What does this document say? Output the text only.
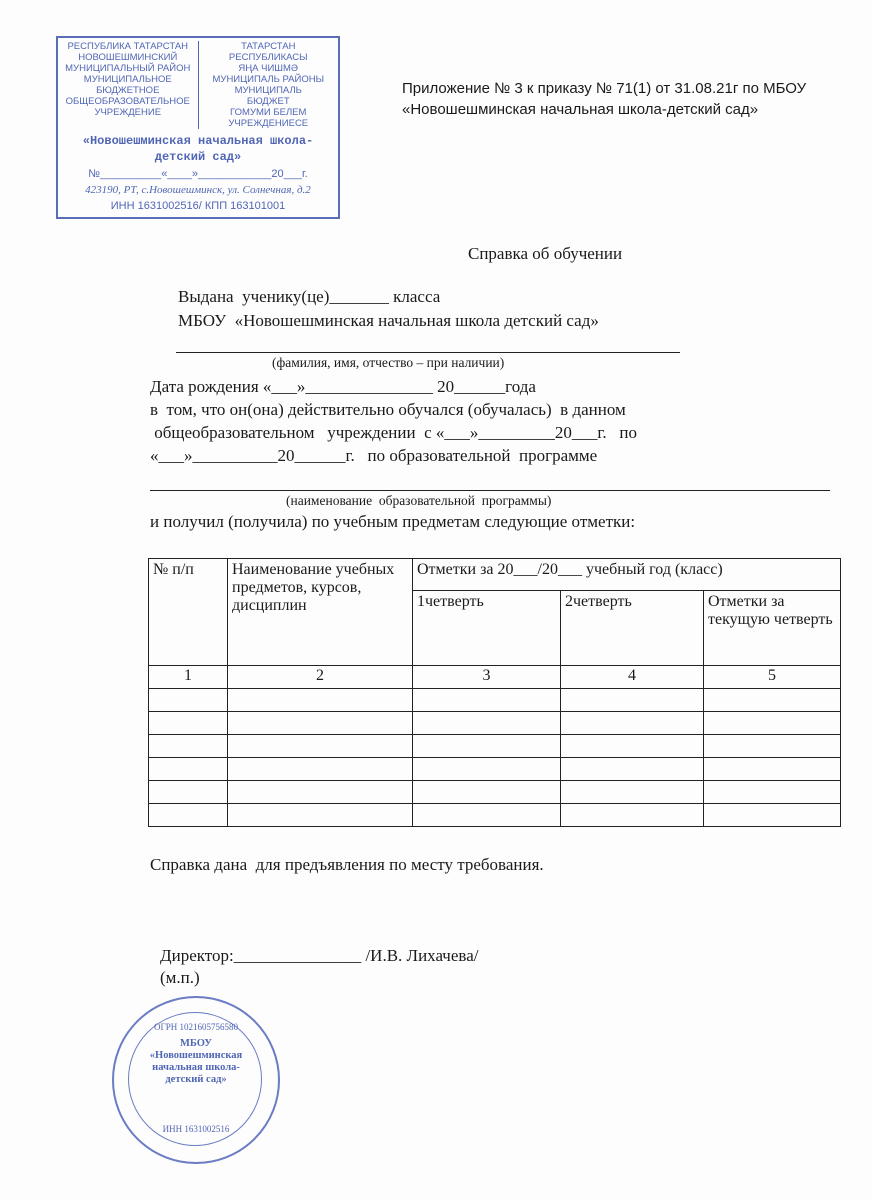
РЕСПУБЛИКА ТАТАРСТАН
НОВОШЕШМИНСКИЙ
МУНИЦИПАЛЬНЫЙ РАЙОН
МУНИЦИПАЛЬНОЕ
БЮДЖЕТНОЕ
ОБЩЕОБРАЗОВАТЕЛЬНОЕ
УЧРЕЖДЕНИЕ
ТАТАРСТАН РЕСПУБЛИКАСЫ
ЯҢА ЧИШМӘ
МУНИЦИПАЛЬ РАЙОНЫ
МУНИЦИПАЛЬ
БЮДЖЕТ
ГОМУМИ БЕЛЕМ
УЧРЕЖДЕНИЕСЕ
«Новошешминская начальная школа-детский сад»
№__________«____»____________20___г.
423190, РТ, с.Новошешминск, ул. Солнечная, д.2
ИНН 1631002516/ КПП 163101001
Приложение № 3 к приказу № 71(1) от 31.08.21г по МБОУ «Новошешминская начальная школа-детский сад»
Справка об обучении
Выдана  ученику(це)_______ класса
МБОУ  «Новошешминская начальная школа детский сад»
(фамилия, имя, отчество – при наличии)
Дата рождения «___»_______________ 20______года
в  том, что он(она) действительно обучался (обучалась)  в данном
общеобразовательном   учреждении  с «___»_________20___г.   по
«___»__________20______г.   по образовательной  программе
(наименование  образовательной  программы)
и получил (получила) по учебным предметам следующие отметки:
№ п/п	Наименование учебных предметов, курсов, дисциплин	Отметки за 20___/20___ учебный год (класс)		
		1четверть	2четверть	Отметки за текущую четверть
1	2	3	4	5

Справка дана  для предъявления по месту требования.
Директор:_______________ /И.В. Лихачева/
(м.п.)
ОГРН 1021605756580
МБОУ «Новошешминская начальная школа-детский сад»
ИНН 1631002516
